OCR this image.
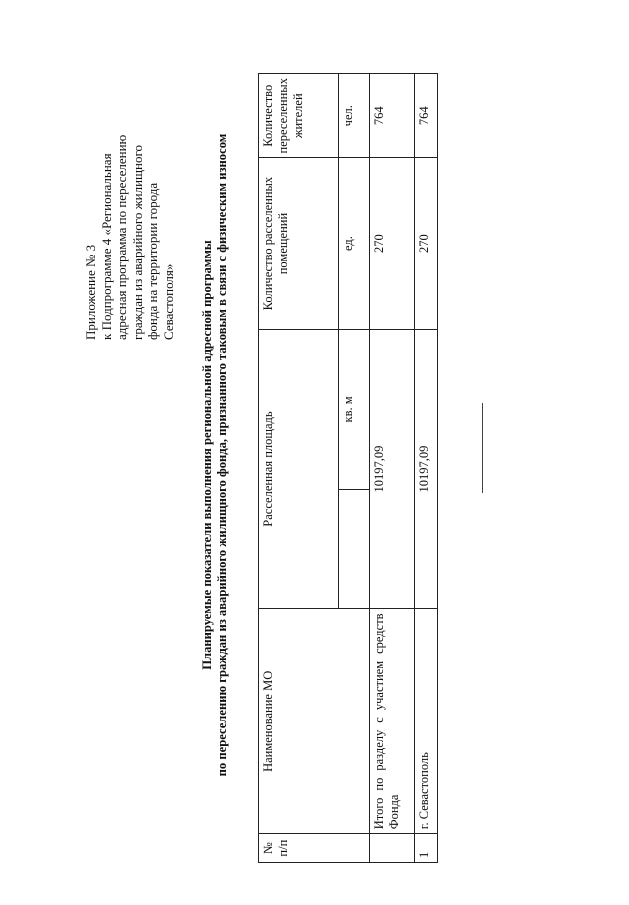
Приложение № 3 к Подпрограмме 4 «Региональная адресная программа по переселению граждан из аварийного жилищного фонда на территории города Севастополя» Планируемые показатели выполнения региональной адресной программы по переселению граждан из аварийного жилищного фонда, признанного таковым в связи с физическим износом
№ п/п	Наименование МО	Расселенная площадь		Количество расселенных помещений	Количество переселенных жителей
			кв. м	ед.	чел.
	Итого по разделу с участием средств Фонда	10197,09		270	764
1	г. Севастополь	10197,09		270	764
